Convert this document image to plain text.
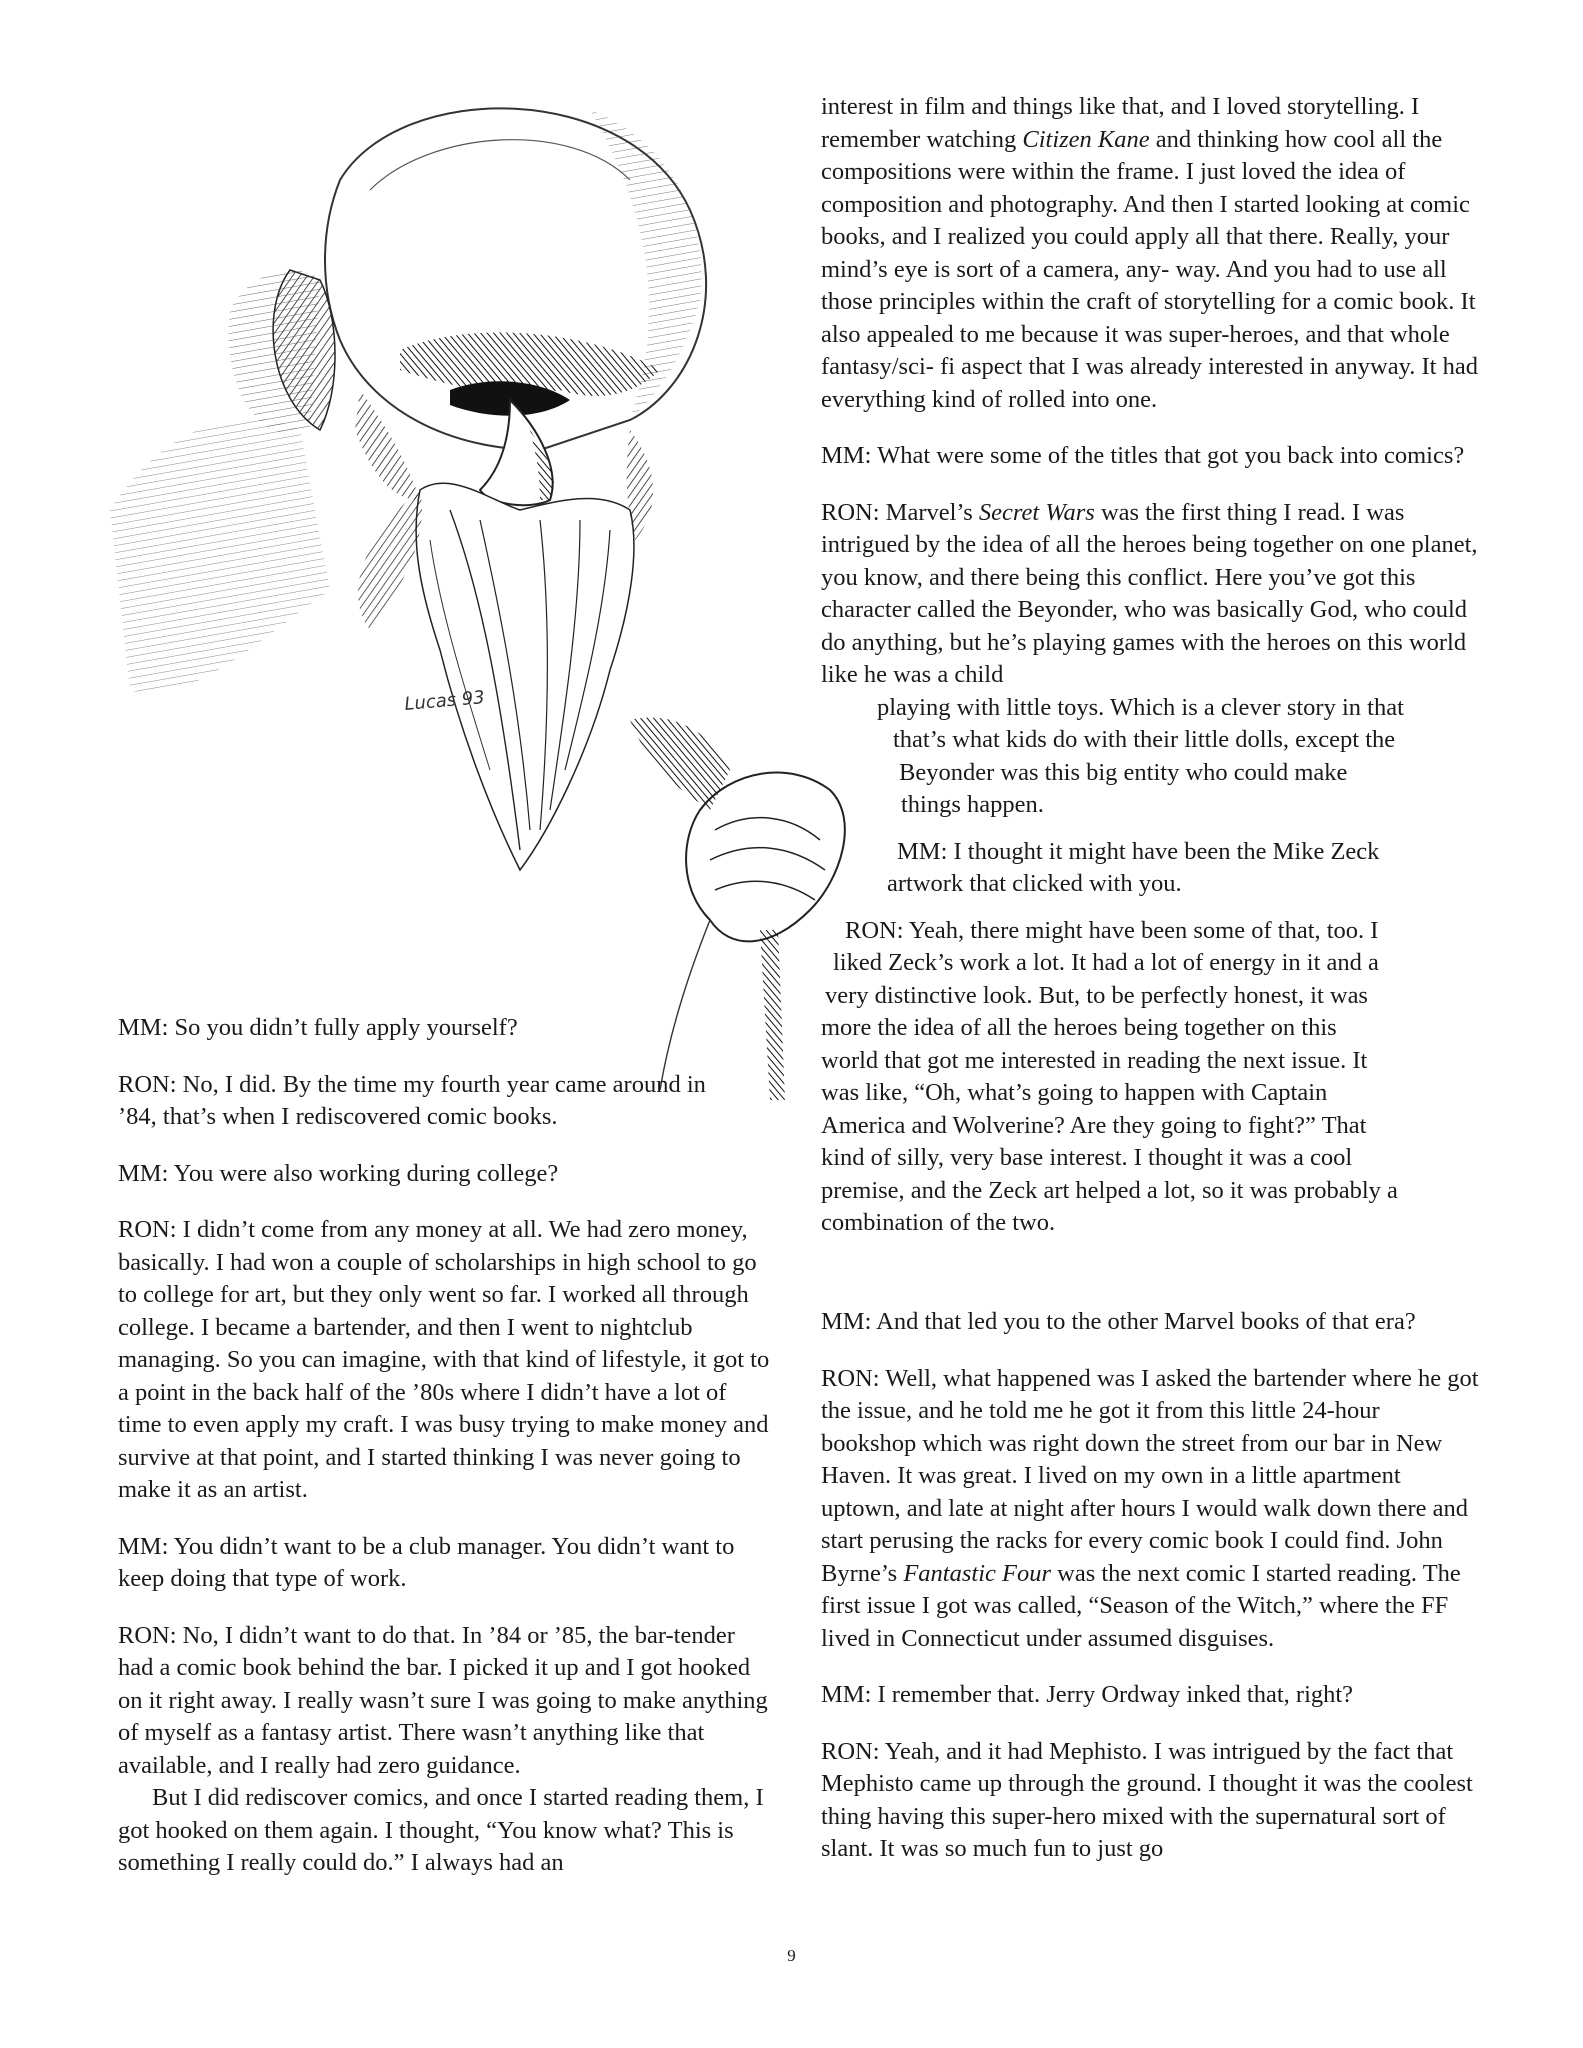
Lucas 93

interest in film and things like that, and I loved storytelling. I remember watching Citizen Kane and thinking how cool all the compositions were within the frame. I just loved the idea of composition and photography. And then I started looking at comic books, and I realized you could apply all that there. Really, your mind’s eye is sort of a camera, any- way. And you had to use all those principles within the craft of storytelling for a comic book. It also appealed to me because it was super-heroes, and that whole fantasy/sci- fi aspect that I was already interested in anyway. It had everything kind of rolled into one.

MM: What were some of the titles that got you back into comics?

RON: Marvel’s Secret Wars was the first thing I read. I was intrigued by the idea of all the heroes being together on one planet, you know, and there being this conflict. Here you’ve got this character called the Beyonder, who was basically God, who could do anything, but he’s playing games with the heroes on this world like he was a child
playing with little toys. Which is a clever story in that
that’s what kids do with their little dolls, except the
Beyonder was this big entity who could make
things happen.

MM: I thought it might have been the Mike Zeck
artwork that clicked with you.

RON: Yeah, there might have been some of that, too. I
liked Zeck’s work a lot. It had a lot of energy in it and a
very distinctive look. But, to be perfectly honest, it was
more the idea of all the heroes being together on this
world that got me interested in reading the next issue. It
was like, “Oh, what’s going to happen with Captain
America and Wolverine? Are they going to fight?” That
kind of silly, very base interest. I thought it was a cool
premise, and the Zeck art helped a lot, so it was probably a
combination of the two.

MM: And that led you to the other Marvel books of that era?

RON: Well, what happened was I asked the bartender where he got the issue, and he told me he got it from this little 24-hour bookshop which was right down the street from our bar in New Haven. It was great. I lived on my own in a little apartment uptown, and late at night after hours I would walk down there and start perusing the racks for every comic book I could find. John Byrne’s Fantastic Four was the next comic I started reading. The first issue I got was called, “Season of the Witch,” where the FF lived in Connecticut under assumed disguises.

MM: I remember that. Jerry Ordway inked that, right?

RON: Yeah, and it had Mephisto. I was intrigued by the fact that Mephisto came up through the ground. I thought it was the coolest thing having this super-hero mixed with the supernatural sort of slant. It was so much fun to just go

MM: So you didn’t fully apply yourself?

RON: No, I did. By the time my fourth year came around in ’84, that’s when I rediscovered comic books.

MM: You were also working during college?

RON: I didn’t come from any money at all. We had zero money, basically. I had won a couple of scholarships in high school to go to college for art, but they only went so far. I worked all through college. I became a bartender, and then I went to nightclub managing. So you can imagine, with that kind of lifestyle, it got to a point in the back half of the ’80s where I didn’t have a lot of time to even apply my craft. I was busy trying to make money and survive at that point, and I started thinking I was never going to make it as an artist.

MM: You didn’t want to be a club manager. You didn’t want to keep doing that type of work.

RON: No, I didn’t want to do that. In ’84 or ’85, the bar-tender had a comic book behind the bar. I picked it up and I got hooked on it right away. I really wasn’t sure I was going to make anything of myself as a fantasy artist. There wasn’t anything like that available, and I really had zero guidance.

But I did rediscover comics, and once I started reading them, I got hooked on them again. I thought, “You know what? This is something I really could do.” I always had an

9
